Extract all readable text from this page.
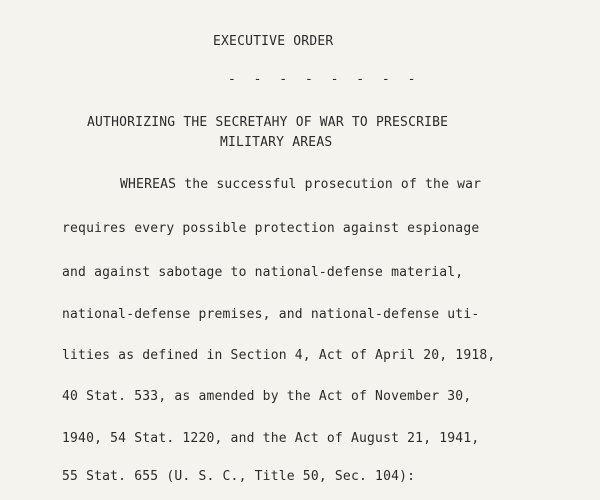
EXECUTIVE ORDER
- - - - - - - -
AUTHORIZING THE SECRETAHY OF WAR TO PRESCRIBE
MILITARY AREAS
WHEREAS the successful prosecution of the war
requires every possible protection against espionage
and against sabotage to national-defense material,
national-defense premises, and national-defense uti-
lities as defined in Section 4, Act of April 20, 1918,
40 Stat. 533, as amended by the Act of November 30,
1940, 54 Stat. 1220, and the Act of August 21, 1941,
55 Stat. 655 (U. S. C., Title 50, Sec. 104):
